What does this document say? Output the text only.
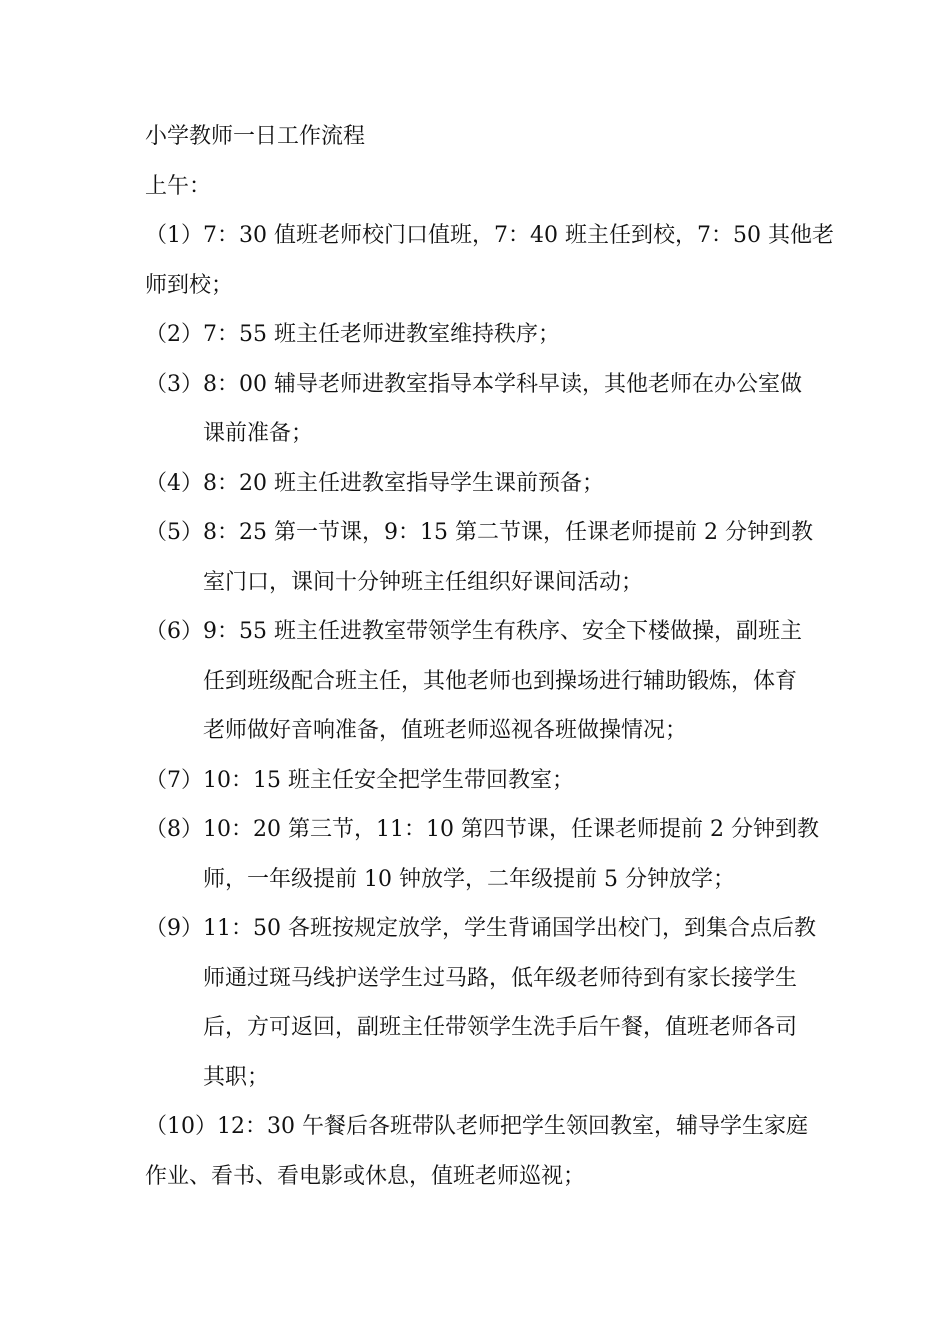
小学教师一日工作流程

上午：

（1）7：30 值班老师校门口值班，7：40 班主任到校，7：50 其他老

师到校；

（2） 7：55 班主任老师进教室维持秩序；

（3） 8：00 辅导老师进教室指导本学科早读，其他老师在办公室做

课前准备；

（4） 8：20 班主任进教室指导学生课前预备；

（5） 8：25 第一节课，9：15 第二节课，任课老师提前 2 分钟到教

室门口，课间十分钟班主任组织好课间活动；

（6） 9：55 班主任进教室带领学生有秩序、安全下楼做操，副班主

任到班级配合班主任，其他老师也到操场进行辅助锻炼，体育

老师做好音响准备，值班老师巡视各班做操情况；

（7） 10：15 班主任安全把学生带回教室；

（8） 10：20 第三节，11：10 第四节课，任课老师提前 2 分钟到教

师，一年级提前 10 钟放学，二年级提前 5 分钟放学；

（9） 11：50 各班按规定放学，学生背诵国学出校门，到集合点后教

师通过斑马线护送学生过马路，低年级老师待到有家长接学生

后，方可返回，副班主任带领学生洗手后午餐，值班老师各司

其职；

（10）12：30 午餐后各班带队老师把学生领回教室，辅导学生家庭

作业、看书、看电影或休息，值班老师巡视；
